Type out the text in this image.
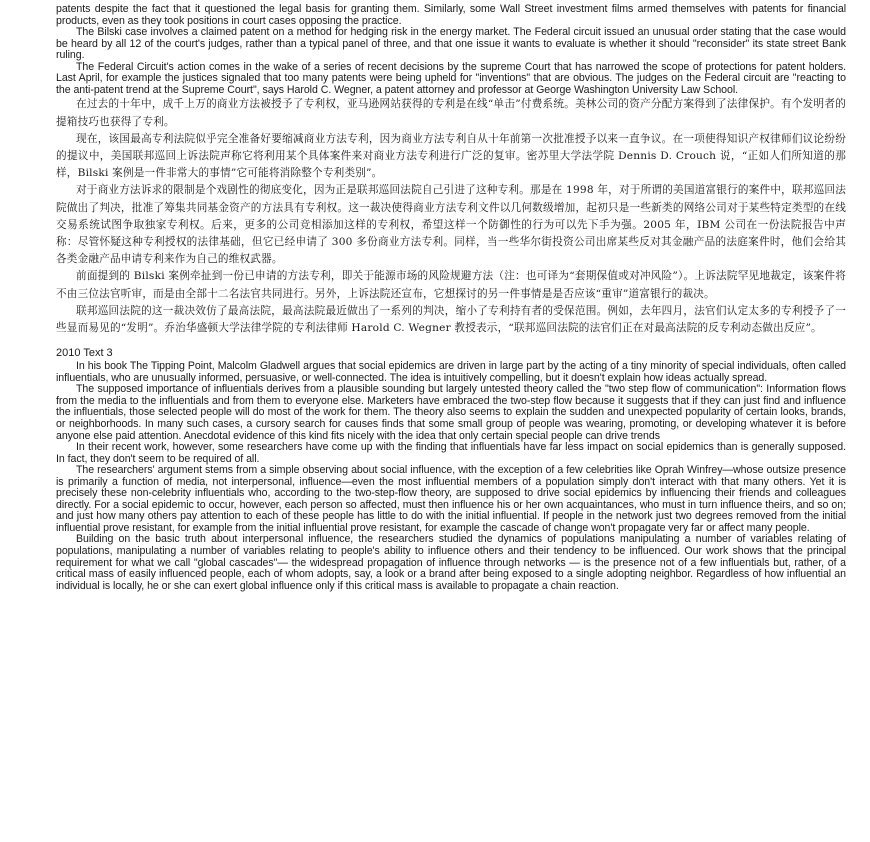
patents despite the fact that it questioned the legal basis for granting them. Similarly, some Wall Street investment films armed themselves with patents for financial products, even as they took positions in court cases opposing the practice.

The Bilski case involves a claimed patent on a method for hedging risk in the energy market. The Federal circuit issued an unusual order stating that the case would be heard by all 12 of the court's judges, rather than a typical panel of three, and that one issue it wants to evaluate is whether it should "reconsider" its state street Bank ruling.

The Federal Circuit's action comes in the wake of a series of recent decisions by the supreme Court that has narrowed the scope of protections for patent holders. Last April, for example the justices signaled that too many patents were being upheld for "inventions" that are obvious. The judges on the Federal circuit are "reacting to the anti-patent trend at the Supreme Court", says Harold C. Wegner, a patent attorney and professor at George Washington University Law School.

在过去的十年中，成千上万的商业方法被授予了专利权，亚马逊网站获得的专利是在线“单击”付费系统。美林公司的资产分配方案得到了法律保护。有个发明者的提箱技巧也获得了专利。

现在，该国最高专利法院似乎完全准备好要缩减商业方法专利，因为商业方法专利自从十年前第一次批准授予以来一直争议。在一项使得知识产权律师们议论纷纷的提议中，美国联邦巡回上诉法院声称它将利用某个具体案件来对商业方法专利进行广泛的复审。密苏里大学法学院 Dennis D. Crouch 说，“正如人们所知道的那样，Bilski 案例是一件非常大的事情”它可能将消除整个专利类别”。

对于商业方法诉求的限制是个戏剧性的彻底变化，因为正是联邦巡回法院自己引进了这种专利。那是在 1998 年，对于所谓的美国道富银行的案件中，联邦巡回法院做出了判决，批准了筹集共同基金资产的方法具有专利权。这一裁决使得商业方法专利文件以几何数级增加，起初只是一些新类的网络公司对于某些特定类型的在线交易系统试图争取独家专利权。后来，更多的公司竞相添加这样的专利权，希望这样一个防御性的行为可以先下手为强。2005 年，IBM 公司在一份法院报告中声称：尽管怀疑这种专利授权的法律基础，但它已经申请了 300 多份商业方法专利。同样，当一些华尔街投资公司出席某些反对其金融产品的法庭案件时，他们会给其各类金融产品申请专利来作为自己的维权武器。

前面提到的 Bilski 案例牵扯到一份已申请的方法专利，即关于能源市场的风险规避方法（注：也可译为“套期保值或对冲风险”）。上诉法院罕见地裁定，该案件将不由三位法官听审，而是由全部十二名法官共同进行。另外，上诉法院还宣布，它想探讨的另一件事情是是否应该“重审”道富银行的裁决。

联邦巡回法院的这一裁决效仿了最高法院，最高法院最近做出了一系列的判决，缩小了专利持有者的受保范围。例如，去年四月，法官们认定太多的专利授予了一些显而易见的“发明”。乔治华盛顿大学法律学院的专利法律师 Harold C. Wegner 教授表示，“联邦巡回法院的法官们正在对最高法院的反专利动态做出反应”。

2010 Text 3

In his book The Tipping Point, Malcolm Gladwell argues that social epidemics are driven in large part by the acting of a tiny minority of special individuals, often called influentials, who are unusually informed, persuasive, or well-connected. The idea is intuitively compelling, but it doesn't explain how ideas actually spread.

The supposed importance of influentials derives from a plausible sounding but largely untested theory called the "two step flow of communication": Information flows from the media to the influentials and from them to everyone else. Marketers have embraced the two-step flow because it suggests that if they can just find and influence the influentials, those selected people will do most of the work for them. The theory also seems to explain the sudden and unexpected popularity of certain looks, brands, or neighborhoods. In many such cases, a cursory search for causes finds that some small group of people was wearing, promoting, or developing whatever it is before anyone else paid attention. Anecdotal evidence of this kind fits nicely with the idea that only certain special people can drive trends

In their recent work, however, some researchers have come up with the finding that influentials have far less impact on social epidemics than is generally supposed. In fact, they don't seem to be required of all.

The researchers' argument stems from a simple observing about social influence, with the exception of a few celebrities like Oprah Winfrey—whose outsize presence is primarily a function of media, not interpersonal, influence—even the most influential members of a population simply don't interact with that many others. Yet it is precisely these non-celebrity influentials who, according to the two-step-flow theory, are supposed to drive social epidemics by influencing their friends and colleagues directly. For a social epidemic to occur, however, each person so affected, must then influence his or her own acquaintances, who must in turn influence theirs, and so on; and just how many others pay attention to each of these people has little to do with the initial influential. If people in the network just two degrees removed from the initial influential prove resistant, for example from the initial influential prove resistant, for example the cascade of change won't propagate very far or affect many people.

Building on the basic truth about interpersonal influence, the researchers studied the dynamics of populations manipulating a number of variables relating of populations, manipulating a number of variables relating to people's ability to influence others and their tendency to be influenced. Our work shows that the principal requirement for what we call "global cascades"— the widespread propagation of influence through networks — is the presence not of a few influentials but, rather, of a critical mass of easily influenced people, each of whom adopts, say, a look or a brand after being exposed to a single adopting neighbor. Regardless of how influential an individual is locally, he or she can exert global influence only if this critical mass is available to propagate a chain reaction.
